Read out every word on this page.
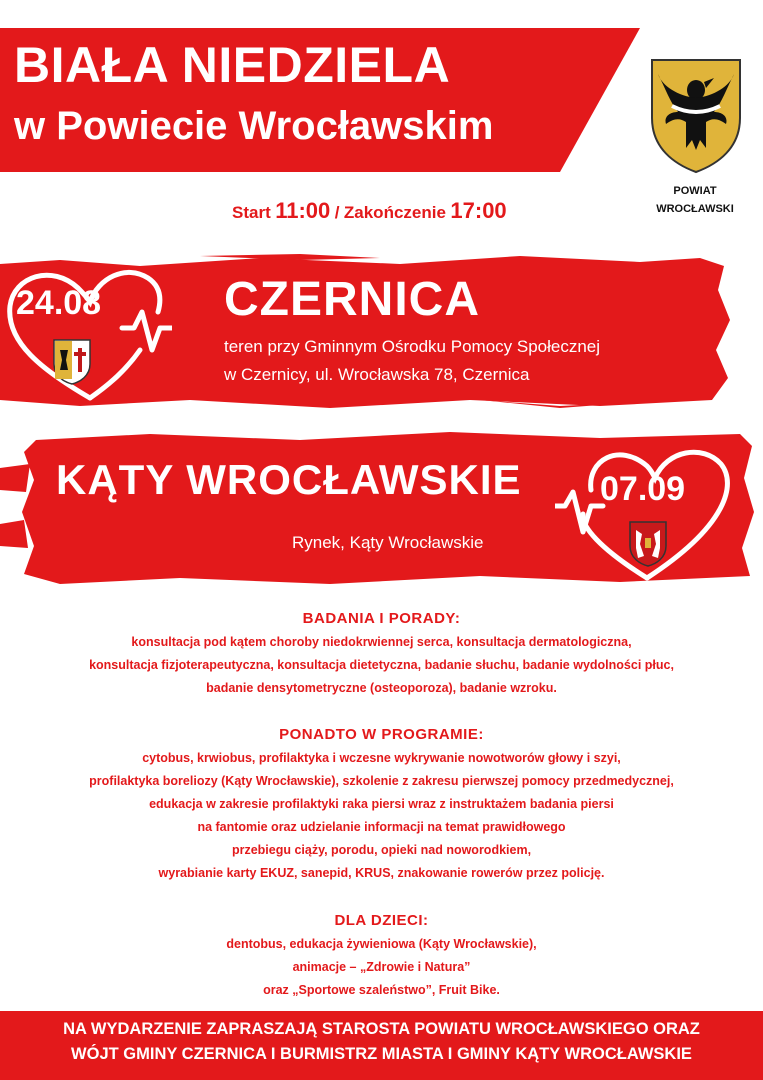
BIAŁA NIEDZIELA
w Powiecie Wrocławskim
POWIAT
WROCŁAWSKI
Start 11:00 / Zakończenie 17:00
24.08	CZERNICA
teren przy Gminnym Ośrodku Pomocy Społecznej
w Czernicy, ul. Wrocławska 78, Czernica
07.09
KĄTY WROCŁAWSKIE
Rynek, Kąty Wrocławskie
BADANIA I PORADY:
konsultacja pod kątem choroby niedokrwiennej serca, konsultacja dermatologiczna,
konsultacja fizjoterapeutyczna, konsultacja dietetyczna, badanie słuchu, badanie wydolności płuc,
badanie densytometryczne (osteoporoza), badanie wzroku.
PONADTO W PROGRAMIE:
cytobus, krwiobus, profilaktyka i wczesne wykrywanie nowotworów głowy i szyi,
profilaktyka boreliozy (Kąty Wrocławskie), szkolenie z zakresu pierwszej pomocy przedmedycznej,
edukacja w zakresie profilaktyki raka piersi wraz z instruktażem badania piersi
na fantomie oraz udzielanie informacji na temat prawidłowego
przebiegu ciąży, porodu, opieki nad noworodkiem,
wyrabianie karty EKUZ, sanepid, KRUS, znakowanie rowerów przez policję.
DLA DZIECI:
dentobus, edukacja żywieniowa (Kąty Wrocławskie),
animacje – „Zdrowie i Natura”
oraz „Sportowe szaleństwo”, Fruit Bike.
NA WYDARZENIE ZAPRASZAJĄ STAROSTA POWIATU WROCŁAWSKIEGO ORAZ
WÓJT GMINY CZERNICA I BURMISTRZ MIASTA I GMINY KĄTY WROCŁAWSKIE
